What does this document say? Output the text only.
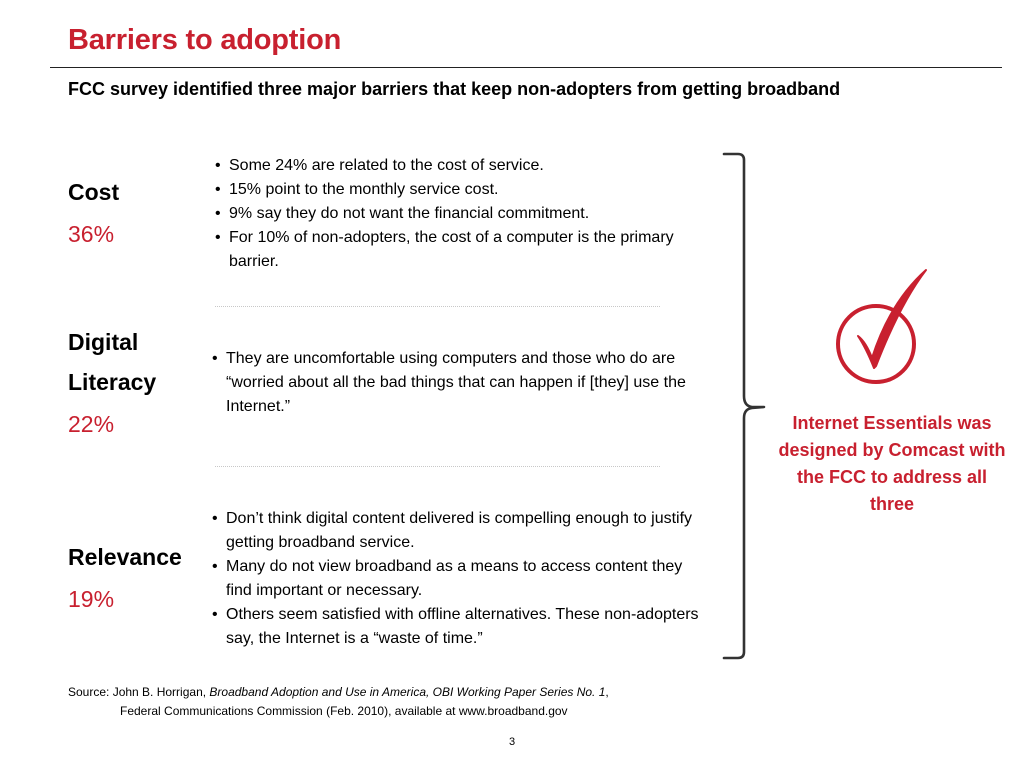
Barriers to adoption
FCC survey identified three major barriers that keep non-adopters from getting broadband
Cost
36%
• Some 24% are related to the cost of service.
• 15% point to the monthly service cost.
• 9% say they do not want the financial commitment.
• For 10% of non-adopters, the cost of a computer is the primary barrier.
Digital
Literacy
22%
• They are uncomfortable using computers and those who do are “worried about all the bad things that can happen if [they] use the Internet.”
Relevance
19%
• Don’t think digital content delivered is compelling enough to justify getting broadband service.
• Many do not view broadband as a means to access content they find important or necessary.
• Others seem satisfied with offline alternatives. These non-adopters say, the Internet is a “waste of time.”
Internet Essentials was designed by Comcast with the FCC to address all three
Source: John B. Horrigan, Broadband Adoption and Use in America, OBI Working Paper Series No. 1,
Federal Communications Commission (Feb. 2010), available at www.broadband.gov
3
